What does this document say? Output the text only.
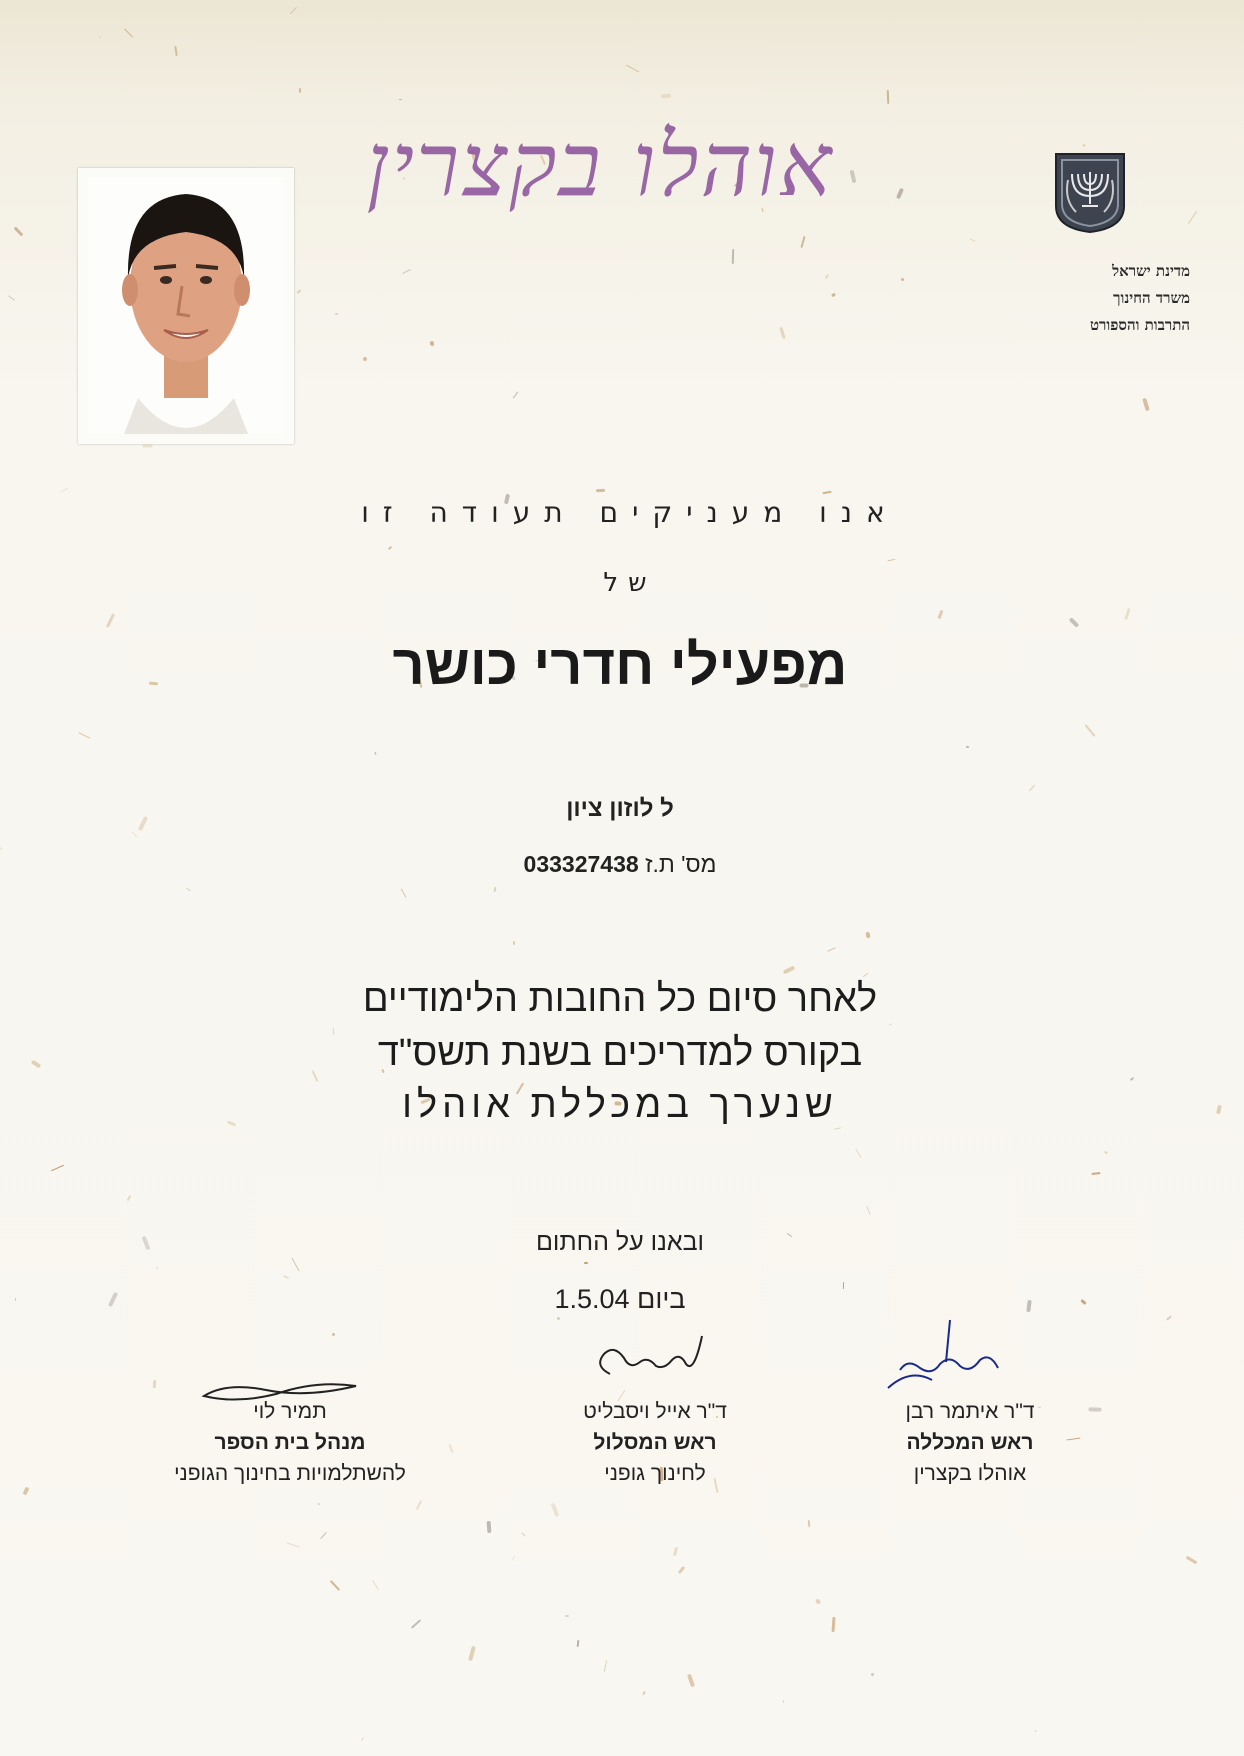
אוהלו בקצרין
מדינת ישראל
משרד החינוך
התרבות והספורט
אנו מעניקים תעודה זו
של
מפעילי חדרי כושר
ל לוזון ציון
מס' ת.ז 033327438
לאחר סיום כל החובות הלימודיים
בקורס למדריכים בשנת תשס"ד
שנערך במכללת אוהלו
ובאנו על החתום
ביום 1.5.04
תמיר לוי
מנהל בית הספר
להשתלמויות בחינוך הגופני
ד"ר אייל ויסבליט
ראש המסלול
לחינוך גופני
ד"ר איתמר רבן
ראש המכללה
אוהלו בקצרין
